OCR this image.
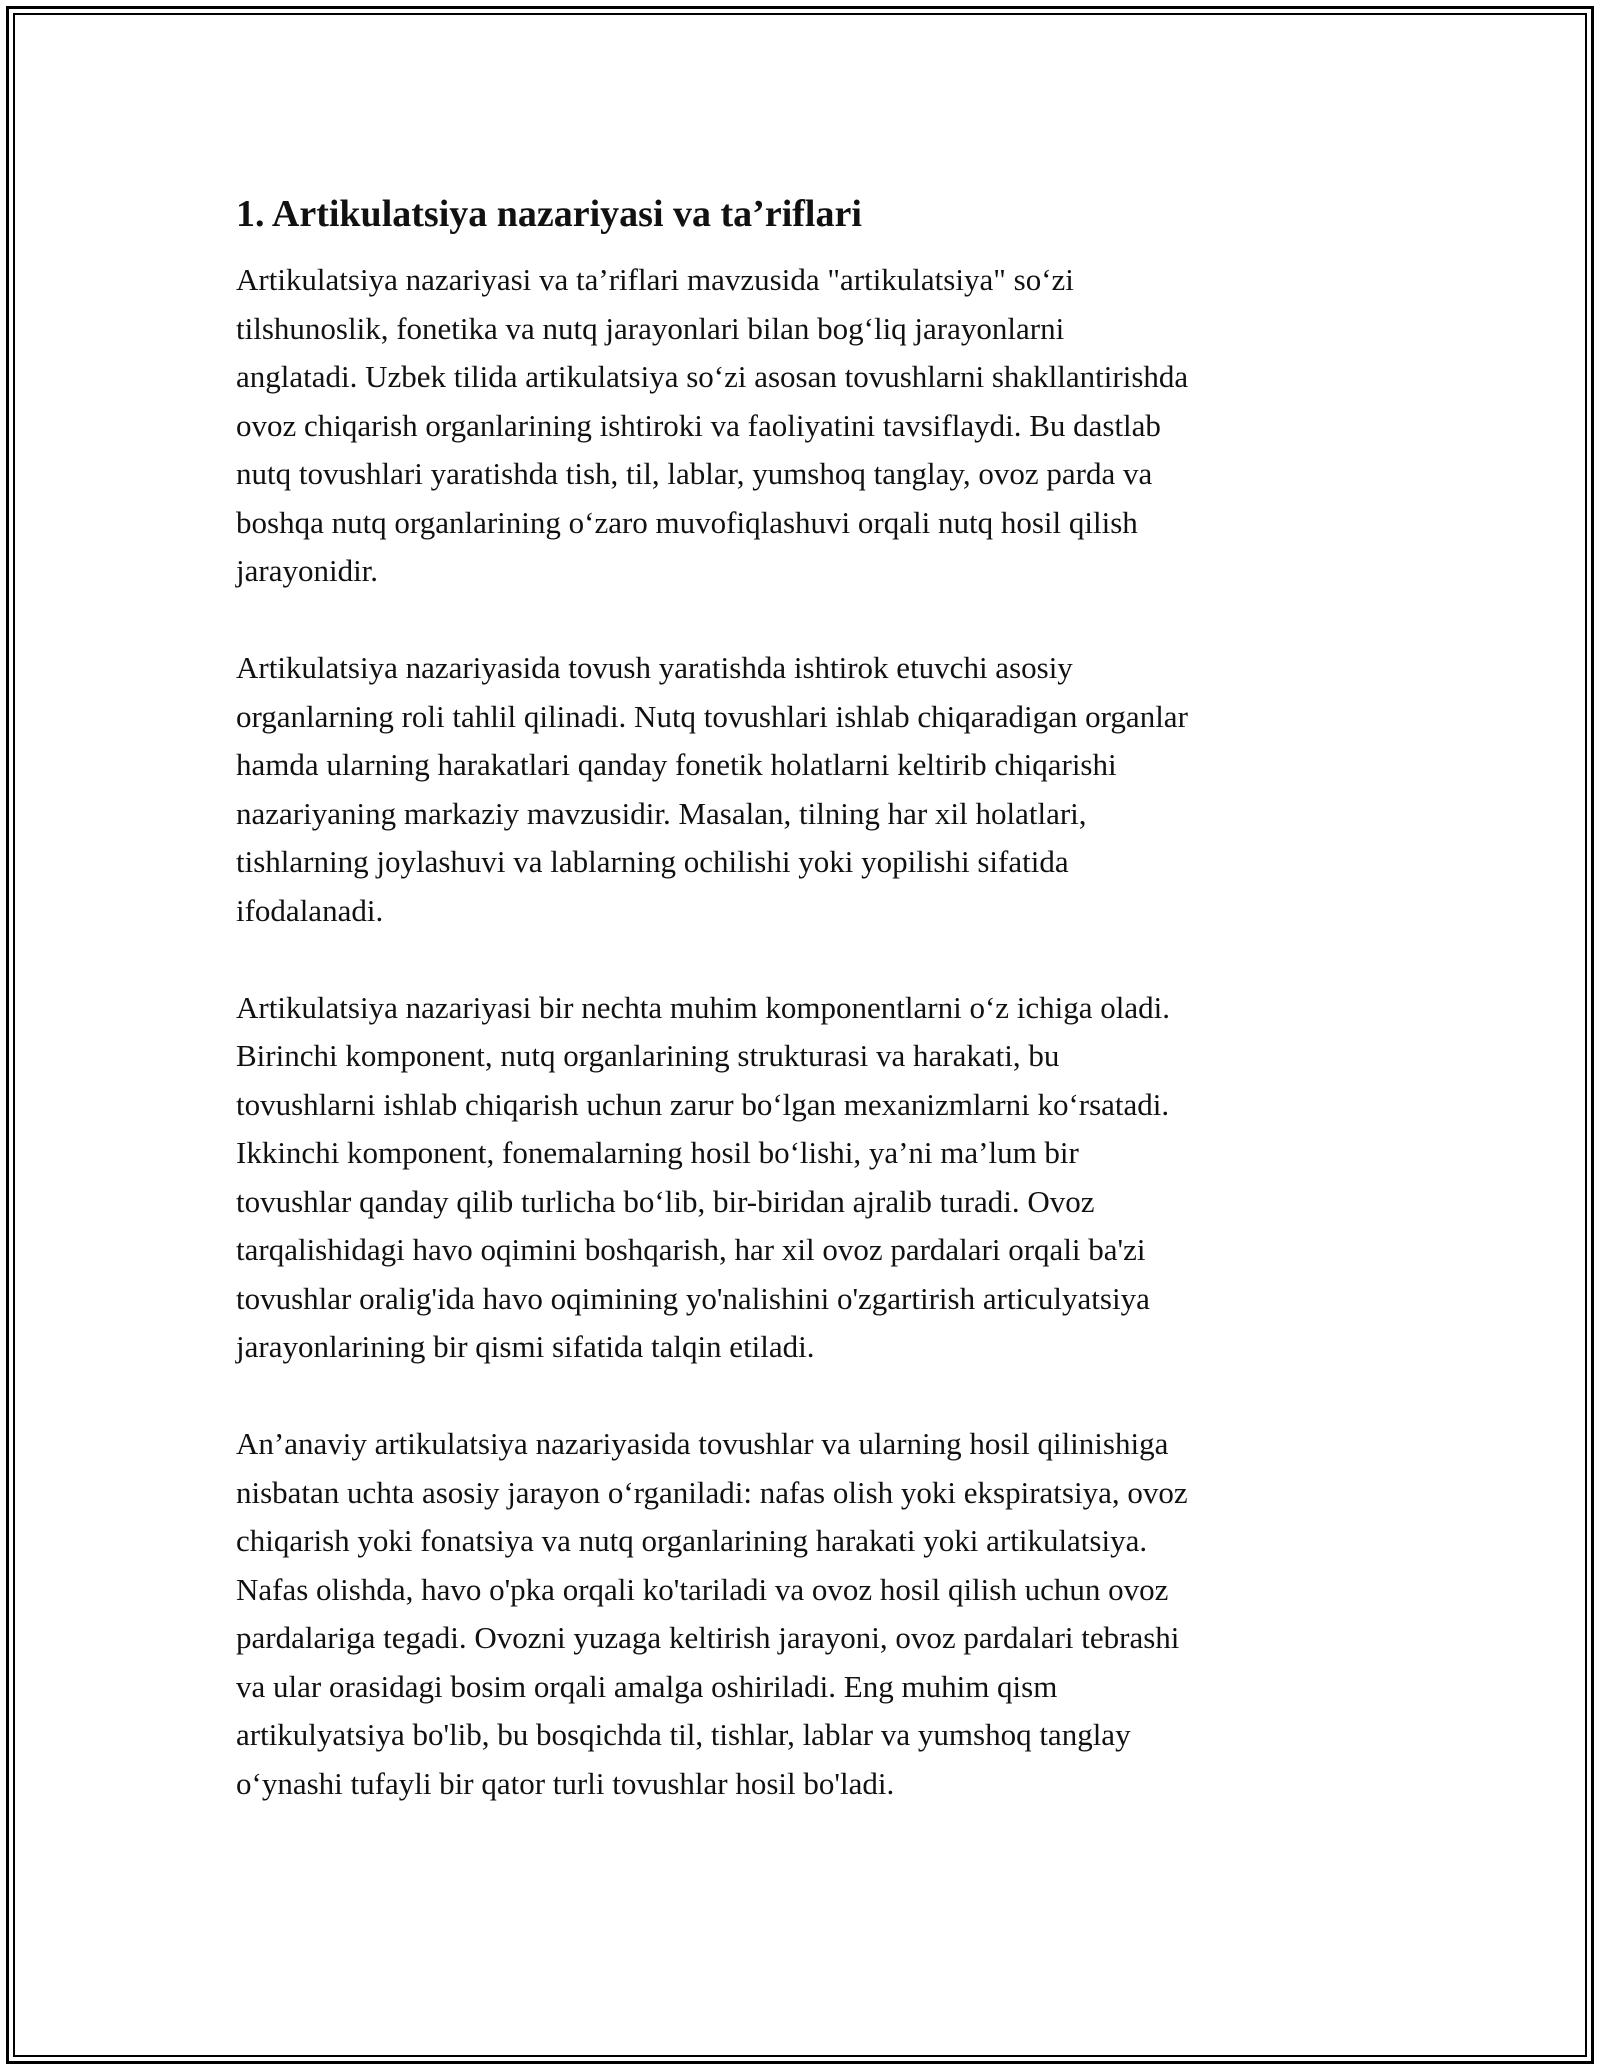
1. Artikulatsiya nazariyasi va ta’riflari

Artikulatsiya nazariyasi va ta’riflari mavzusida "artikulatsiya" so‘zi
tilshunoslik, fonetika va nutq jarayonlari bilan bog‘liq jarayonlarni
anglatadi. Uzbek tilida artikulatsiya so‘zi asosan tovushlarni shakllantirishda
ovoz chiqarish organlarining ishtiroki va faoliyatini tavsiflaydi. Bu dastlab
nutq tovushlari yaratishda tish, til, lablar, yumshoq tanglay, ovoz parda va
boshqa nutq organlarining o‘zaro muvofiqlashuvi orqali nutq hosil qilish
jarayonidir.

Artikulatsiya nazariyasida tovush yaratishda ishtirok etuvchi asosiy
organlarning roli tahlil qilinadi. Nutq tovushlari ishlab chiqaradigan organlar
hamda ularning harakatlari qanday fonetik holatlarni keltirib chiqarishi
nazariyaning markaziy mavzusidir. Masalan, tilning har xil holatlari,
tishlarning joylashuvi va lablarning ochilishi yoki yopilishi sifatida
ifodalanadi.

Artikulatsiya nazariyasi bir nechta muhim komponentlarni o‘z ichiga oladi.
Birinchi komponent, nutq organlarining strukturasi va harakati, bu
tovushlarni ishlab chiqarish uchun zarur bo‘lgan mexanizmlarni ko‘rsatadi.
Ikkinchi komponent, fonemalarning hosil bo‘lishi, ya’ni ma’lum bir
tovushlar qanday qilib turlicha bo‘lib, bir-biridan ajralib turadi. Ovoz
tarqalishidagi havo oqimini boshqarish, har xil ovoz pardalari orqali ba'zi
tovushlar oralig'ida havo oqimining yo'nalishini o'zgartirish articulyatsiya
jarayonlarining bir qismi sifatida talqin etiladi.

An’anaviy artikulatsiya nazariyasida tovushlar va ularning hosil qilinishiga
nisbatan uchta asosiy jarayon o‘rganiladi: nafas olish yoki ekspiratsiya, ovoz
chiqarish yoki fonatsiya va nutq organlarining harakati yoki artikulatsiya.
Nafas olishda, havo o'pka orqali ko'tariladi va ovoz hosil qilish uchun ovoz
pardalariga tegadi. Ovozni yuzaga keltirish jarayoni, ovoz pardalari tebrashi
va ular orasidagi bosim orqali amalga oshiriladi. Eng muhim qism
artikulyatsiya bo'lib, bu bosqichda til, tishlar, lablar va yumshoq tanglay
o‘ynashi tufayli bir qator turli tovushlar hosil bo'ladi.
